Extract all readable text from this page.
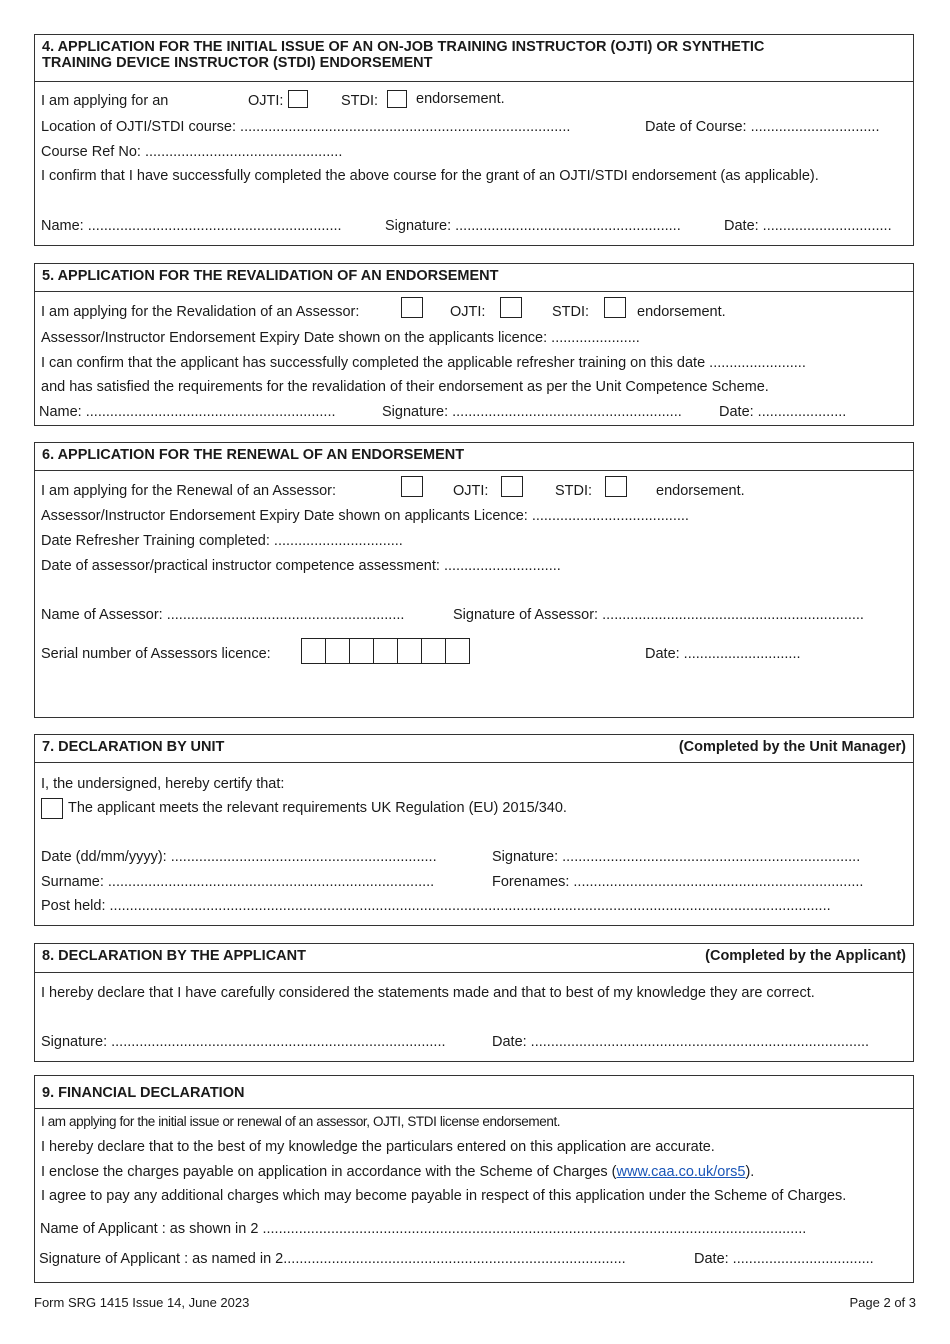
4. APPLICATION FOR THE INITIAL ISSUE OF AN ON-JOB TRAINING INSTRUCTOR (OJTI) OR SYNTHETIC
TRAINING DEVICE INSTRUCTOR (STDI) ENDORSEMENT
I am applying for an	OJTI:	STDI:	endorsement.
Location of OJTI/STDI course: ..................................................................................	Date of Course: ................................
Course Ref No: .................................................
I confirm that I have successfully completed the above course for the grant of an OJTI/STDI endorsement (as applicable).
Name: ...............................................................	Signature: ........................................................	Date: ................................
5. APPLICATION FOR THE REVALIDATION OF AN ENDORSEMENT
I am applying for the Revalidation of an Assessor:	OJTI:	STDI:	endorsement.
Assessor/Instructor Endorsement Expiry Date shown on the applicants licence: ......................
I can confirm that the applicant has successfully completed the applicable refresher training on this date ........................
and has satisfied the requirements for the revalidation of their endorsement as per the Unit Competence Scheme.
Name: ..............................................................	Signature: .........................................................	Date: ......................
6. APPLICATION FOR THE RENEWAL OF AN ENDORSEMENT
I am applying for the Renewal of an Assessor:	OJTI:	STDI:	endorsement.
Assessor/Instructor Endorsement Expiry Date shown on applicants Licence: .......................................
Date Refresher Training completed: ................................
Date of assessor/practical instructor competence assessment: .............................
Name of Assessor: ...........................................................	Signature of Assessor: .................................................................
Serial number of Assessors licence:	Date: .............................
7. DECLARATION BY UNIT	(Completed by the Unit Manager)
I, the undersigned, hereby certify that:
The applicant meets the relevant requirements UK Regulation (EU) 2015/340.
Date (dd/mm/yyyy): ..................................................................	Signature: ..........................................................................
Surname: .................................................................................	Forenames: ........................................................................
Post held: ...................................................................................................................................................................................
8. DECLARATION BY THE APPLICANT	(Completed by the Applicant)
I hereby declare that I have carefully considered the statements made and that to best of my knowledge they are correct.
Signature: ...................................................................................	Date: ....................................................................................
9. FINANCIAL DECLARATION
I am applying for the initial issue or renewal of an assessor, OJTI, STDI license endorsement.
I hereby declare that to the best of my knowledge the particulars entered on this application are accurate.
I enclose the charges payable on application in accordance with the Scheme of Charges (www.caa.co.uk/ors5).
I agree to pay any additional charges which may become payable in respect of this application under the Scheme of Charges.
Name of Applicant : as shown in 2 .......................................................................................................................................
Signature of Applicant : as named in 2.....................................................................................	Date: ...................................
Form SRG 1415 Issue 14, June 2023	Page 2 of 3
